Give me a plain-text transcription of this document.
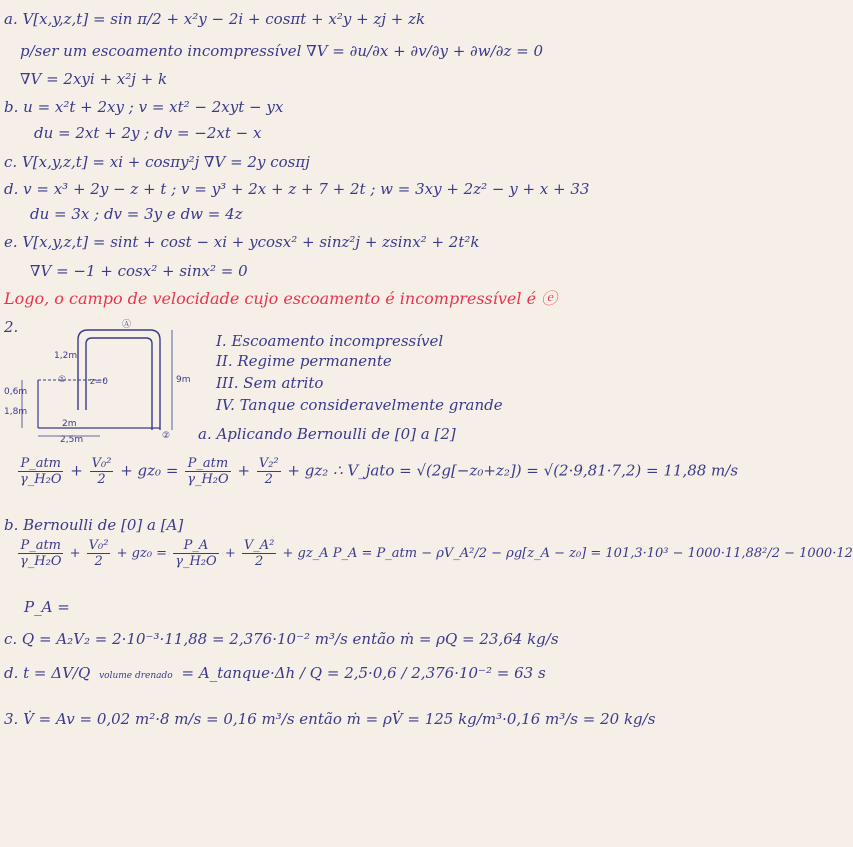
a. V[x,y,z,t] = sin π/2 + x²y − 2i + cosπt + x²y + zj + zk
p/ser um escoamento incompressível ∇V = ∂u/∂x + ∂v/∂y + ∂w/∂z = 0
∇V = 2xyi + x²j + k
b. u = x²t + 2xy ; v = xt² − 2xyt − yx
du = 2xt + 2y ; dv = −2xt − x
c. V[x,y,z,t] = xi + cosπy²j ∇V = 2y cosπj
d. v = x³ + 2y − z + t ; v = y³ + 2x + z + 7 + 2t ; w = 3xy + 2z² − y + x + 33
du = 3x ; dv = 3y e dw = 4z
e. V[x,y,z,t] = sint + cost − xi + ycosx² + sinz²j + zsinx² + 2t²k
∇V = −1 + cosx² + sinx² = 0
Logo, o campo de velocidade cujo escoamento é incompressível é ⓔ
2.	Ⓐ
①
②
z=0
1,2m
0,6m
1,8m
2m
2,5m
9m
I. Escoamento incompressível
II. Regime permanente
III. Sem atrito
IV. Tanque consideravelmente grande
a. Aplicando Bernoulli de [0] a [2]
$\frac{\text{P\_atm}}{\text{γ\_H₂O}} + \frac{\text{V₀²}}{2} + gz_0 = \frac{\text{P\_atm}}{\text{γ\_H₂O}} + \frac{\text{V₂²}}{2} + gz_2$ ∴ V_jato = √(2g[−z₀+z₂]) = √(2·9,81·7,2) = 11,88 m/s
b. Bernoulli de [0] a [A]
$\frac{\text{P\_atm}}{\text{γ\_H₂O}} + \frac{\text{V₀²}}{2} + gz_0 = \frac{P\_A}{\text{γ\_H₂O}} + \frac{\text{V\_A²}}{2}$ + gz_A P_A = P_atm − ρV_A²/2 − ρg[z_A − z₀] = 101,3·10³ − 1000·11,88²/2 − 1000·12
P_A =
c. Q = A₂V₂ = 2·10⁻³·11,88 = 2,376·10⁻² m³/s então ṁ = ρQ = 23,64 kg/s
d. t = ΔV/Q volume drenado = A_tanque·Δh / Q = 2,5·0,6 / 2,376·10⁻² = 63 s
3. V̇ = Av = 0,02 m²·8 m/s = 0,16 m³/s então ṁ = ρV̇ = 125 kg/m³·0,16 m³/s = 20 kg/s
